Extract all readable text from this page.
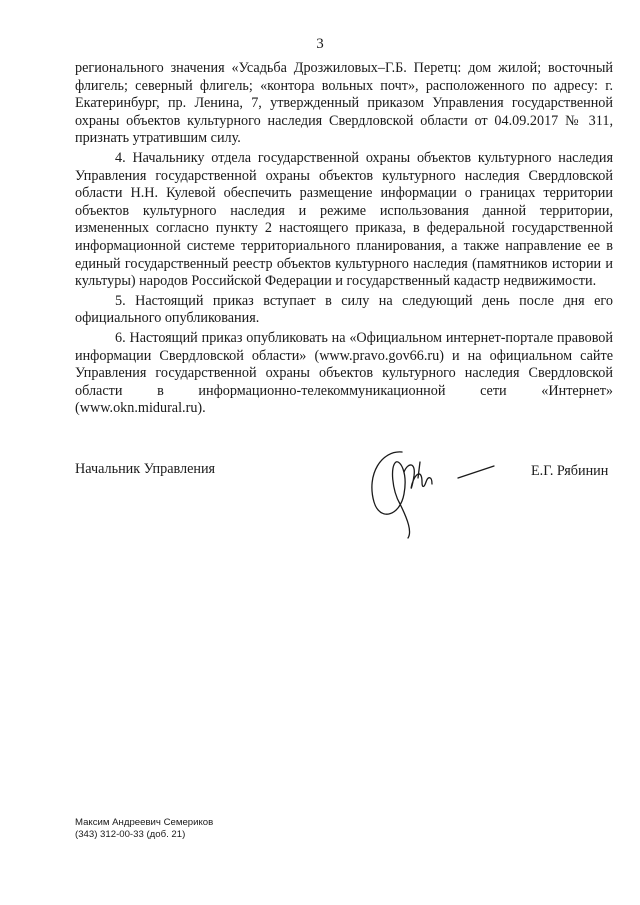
3

регионального значения «Усадьба Дрозжиловых–Г.Б. Перетц: дом жилой; восточный флигель; северный флигель; «контора вольных почт», расположенного по адресу: г. Екатеринбург, пр. Ленина, 7, утвержденный приказом Управления государственной охраны объектов культурного наследия Свердловской области от 04.09.2017 № 311, признать утратившим силу.

4. Начальнику отдела государственной охраны объектов культурного наследия Управления государственной охраны объектов культурного наследия Свердловской области Н.Н. Кулевой обеспечить размещение информации о границах территории объектов культурного наследия и режиме использования данной территории, измененных согласно пункту 2 настоящего приказа, в федеральной государственной информационной системе территориального планирования, а также направление ее в единый государственный реестр объектов культурного наследия (памятников истории и культуры) народов Российской Федерации и государственный кадастр недвижимости.

5. Настоящий приказ вступает в силу на следующий день после дня его официального опубликования.

6. Настоящий приказ опубликовать на «Официальном интернет-портале правовой информации Свердловской области» (www.pravo.gov66.ru) и на официальном сайте Управления государственной охраны объектов культурного наследия Свердловской области в информационно-телекоммуникационной сети «Интернет» (www.okn.midural.ru).

Начальник Управления	Е.Г. Рябинин
Максим Андреевич Семериков
(343) 312-00-33 (доб. 21)
